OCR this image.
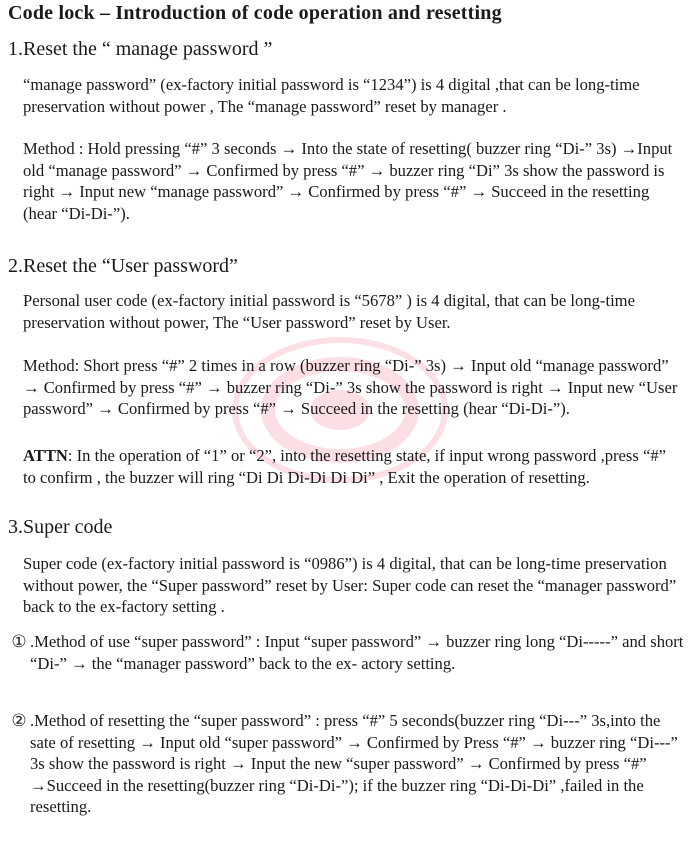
Code lock – Introduction of code operation and resetting
1.Reset the “ manage password ”

“manage password” (ex-factory initial password is “1234”) is 4 digital ,that can be long-time preservation without power , The “manage password” reset by manager .

Method : Hold pressing “#” 3 seconds → Into the state of resetting( buzzer ring “Di-” 3s) →Input old “manage password” → Confirmed by press “#” → buzzer ring “Di” 3s show the password is right → Input new “manage password” → Confirmed by press “#” → Succeed in the resetting (hear “Di-Di-”).

2.Reset the “User password”

Personal user code (ex-factory initial password is “5678” ) is 4 digital, that can be long-time preservation without power, The “User password” reset by User.

Method: Short press “#” 2 times in a row (buzzer ring “Di-” 3s) → Input old “manage password” → Confirmed by press “#” → buzzer ring “Di-” 3s show the password is right → Input new “User password” → Confirmed by press “#” → Succeed in the resetting (hear “Di-Di-”).

ATTN: In the operation of “1” or “2”, into the resetting state, if input wrong password ,press “#” to confirm , the buzzer will ring “Di Di Di-Di Di Di” , Exit the operation of resetting.

3.Super code

Super code (ex-factory initial password is “0986”) is 4 digital, that can be long-time preservation without power, the “Super password” reset by User: Super code can reset the “manager password” back to the ex-factory setting .

① .Method of use “super password” : Input “super password” → buzzer ring long “Di-----” and short “Di-” → the “manager password” back to the ex- actory setting.
② .Method of resetting the “super password” : press “#” 5 seconds(buzzer ring “Di---” 3s,into the sate of resetting → Input old “super password” → Confirmed by Press “#” → buzzer ring “Di---” 3s show the password is right → Input the new “super password” → Confirmed by press “#” →Succeed in the resetting(buzzer ring “Di-Di-”); if the buzzer ring “Di-Di-Di” ,failed in the resetting.
